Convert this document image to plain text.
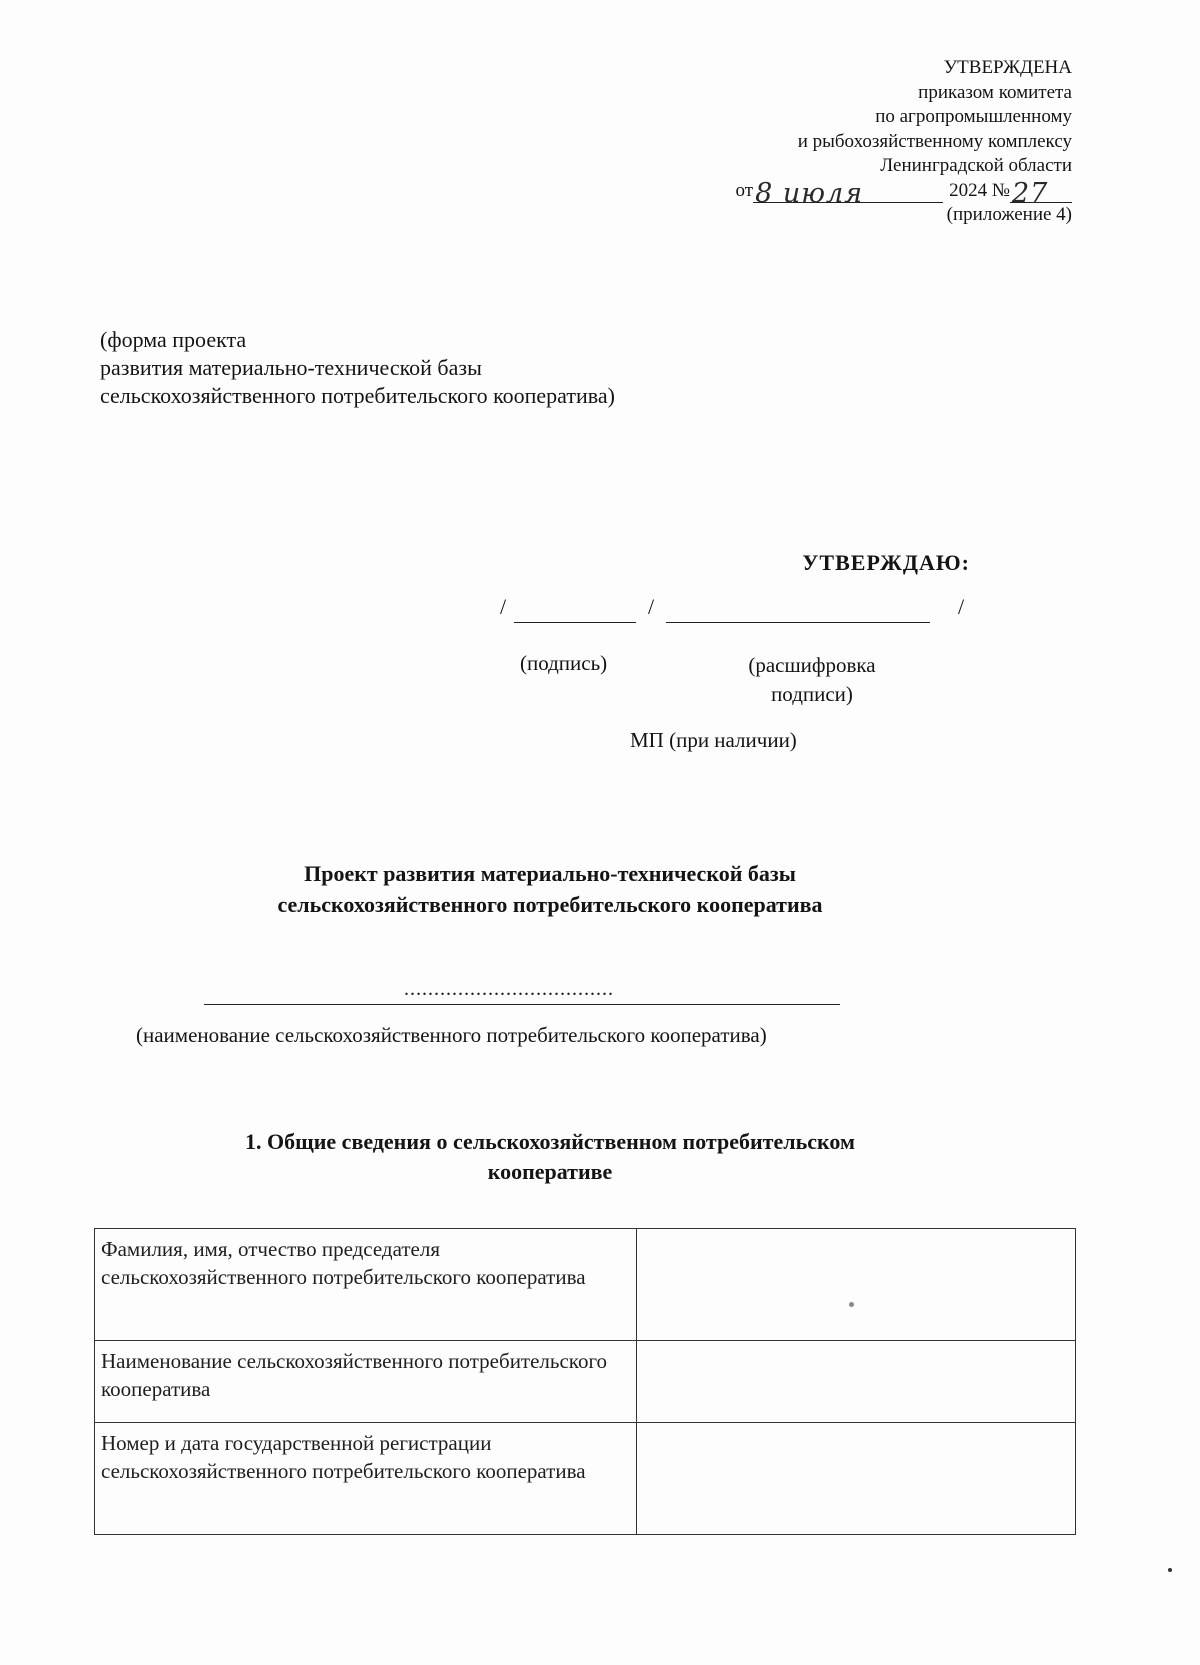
УТВЕРЖДЕНА
приказом комитета
по агропромышленному
и рыбохозяйственному комплексу
Ленинградской области
от 8 июля	2024 № 27
(приложение 4)
(форма проекта
развития материально-технической базы
сельскохозяйственного потребительского кооператива)
УТВЕРЖДАЮ:
/	/	/
(подпись)	(расшифровка подписи)
МП (при наличии)
Проект развития материально-технической базы
сельскохозяйственного потребительского кооператива
...................................
(наименование сельскохозяйственного потребительского кооператива)
1. Общие сведения о сельскохозяйственном потребительском
кооперативе
Фамилия, имя, отчество председателя сельскохозяйственного потребительского кооператива	
Наименование сельскохозяйственного потребительского кооператива	
Номер и дата государственной регистрации сельскохозяйственного потребительского кооператива	
